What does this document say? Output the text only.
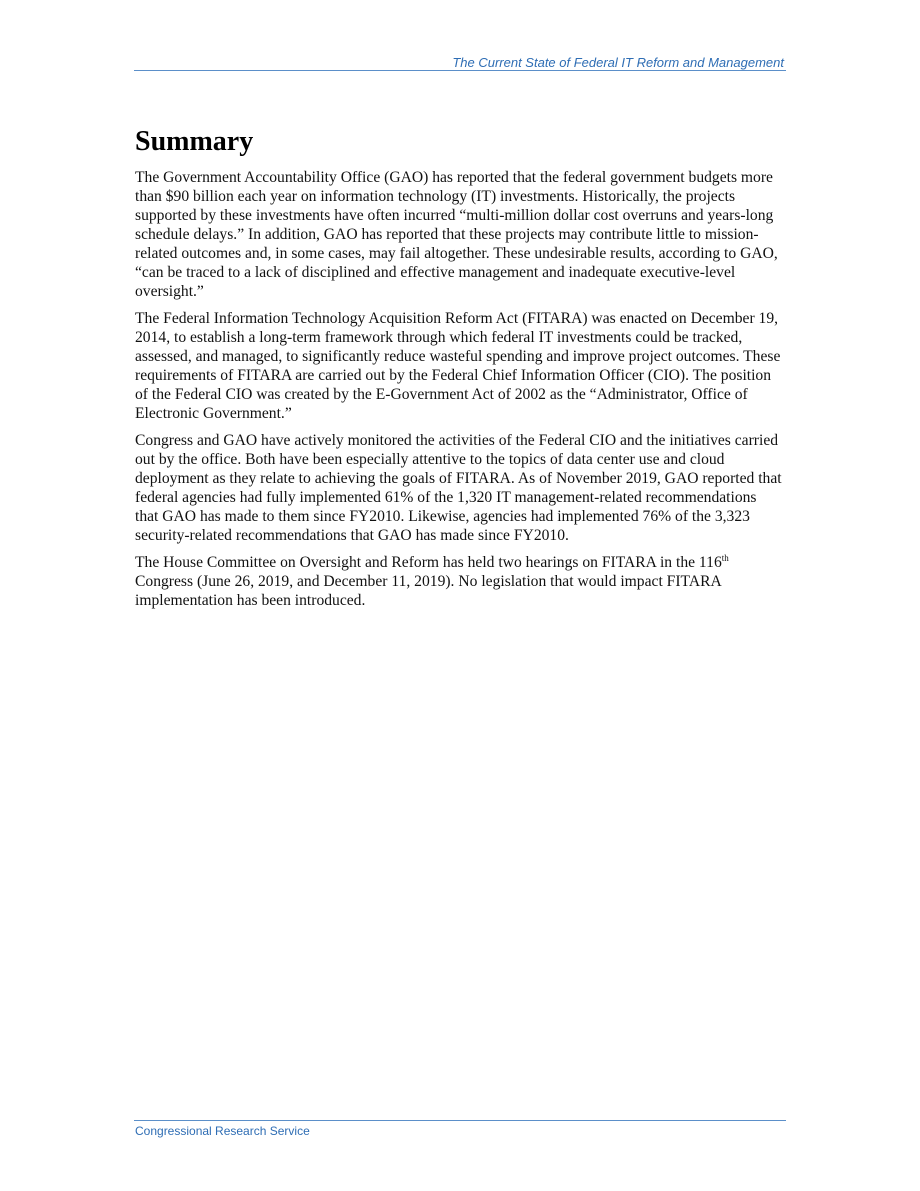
The Current State of Federal IT Reform and Management
Summary

The Government Accountability Office (GAO) has reported that the federal government budgets more than $90 billion each year on information technology (IT) investments. Historically, the projects supported by these investments have often incurred “multi-million dollar cost overruns and years-long schedule delays.” In addition, GAO has reported that these projects may contribute little to mission-related outcomes and, in some cases, may fail altogether. These undesirable results, according to GAO, “can be traced to a lack of disciplined and effective management and inadequate executive-level oversight.”

The Federal Information Technology Acquisition Reform Act (FITARA) was enacted on December 19, 2014, to establish a long-term framework through which federal IT investments could be tracked, assessed, and managed, to significantly reduce wasteful spending and improve project outcomes. These requirements of FITARA are carried out by the Federal Chief Information Officer (CIO). The position of the Federal CIO was created by the E-Government Act of 2002 as the “Administrator, Office of Electronic Government.”

Congress and GAO have actively monitored the activities of the Federal CIO and the initiatives carried out by the office. Both have been especially attentive to the topics of data center use and cloud deployment as they relate to achieving the goals of FITARA. As of November 2019, GAO reported that federal agencies had fully implemented 61% of the 1,320 IT management-related recommendations that GAO has made to them since FY2010. Likewise, agencies had implemented 76% of the 3,323 security-related recommendations that GAO has made since FY2010.

The House Committee on Oversight and Reform has held two hearings on FITARA in the 116th Congress (June 26, 2019, and December 11, 2019). No legislation that would impact FITARA implementation has been introduced.

Congressional Research Service
